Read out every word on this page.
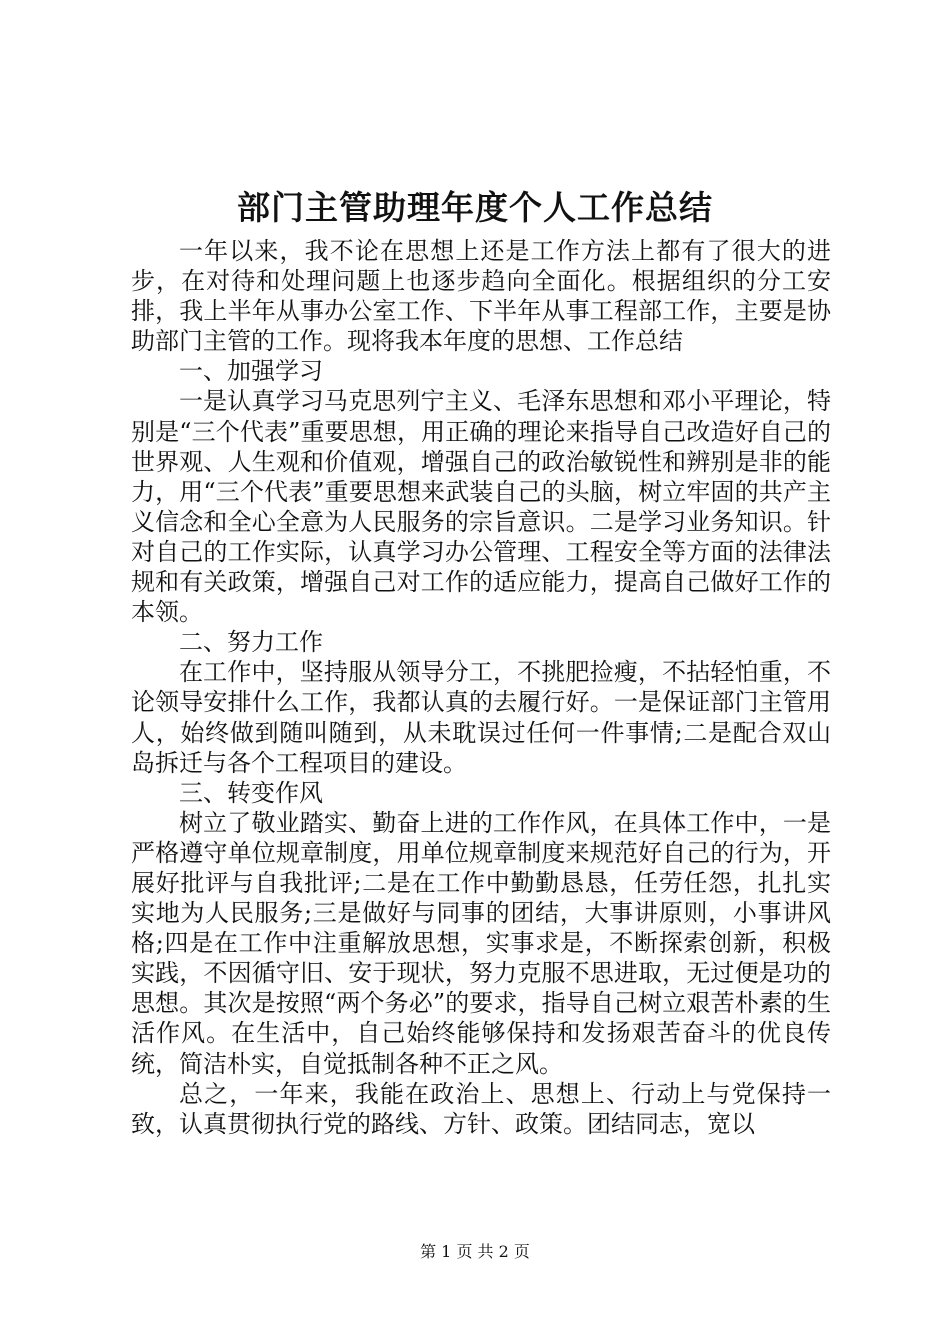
部门主管助理年度个人工作总结

一年以来，我不论在思想上还是工作方法上都有了很大的进步，在对待和处理问题上也逐步趋向全面化。根据组织的分工安排，我上半年从事办公室工作、下半年从事工程部工作，主要是协助部门主管的工作。现将我本年度的思想、工作总结

一、加强学习

一是认真学习马克思列宁主义、毛泽东思想和邓小平理论，特别是“三个代表”重要思想，用正确的理论来指导自己改造好自己的世界观、人生观和价值观，增强自己的政治敏锐性和辨别是非的能力，用“三个代表”重要思想来武装自己的头脑，树立牢固的共产主义信念和全心全意为人民服务的宗旨意识。二是学习业务知识。针对自己的工作实际，认真学习办公管理、工程安全等方面的法律法规和有关政策，增强自己对工作的适应能力，提高自己做好工作的本领。

二、努力工作

在工作中，坚持服从领导分工，不挑肥捡瘦，不拈轻怕重，不论领导安排什么工作，我都认真的去履行好。一是保证部门主管用人，始终做到随叫随到，从未耽误过任何一件事情;二是配合双山岛拆迁与各个工程项目的建设。

三、转变作风

树立了敬业踏实、勤奋上进的工作作风，在具体工作中，一是严格遵守单位规章制度，用单位规章制度来规范好自己的行为，开展好批评与自我批评;二是在工作中勤勤恳恳，任劳任怨，扎扎实实地为人民服务;三是做好与同事的团结，大事讲原则，小事讲风格;四是在工作中注重解放思想，实事求是，不断探索创新，积极实践，不因循守旧、安于现状，努力克服不思进取，无过便是功的思想。其次是按照“两个务必”的要求，指导自己树立艰苦朴素的生活作风。在生活中，自己始终能够保持和发扬艰苦奋斗的优良传统，简洁朴实，自觉抵制各种不正之风。

总之，一年来，我能在政治上、思想上、行动上与党保持一致，认真贯彻执行党的路线、方针、政策。团结同志，宽以

第 1 页 共 2 页
